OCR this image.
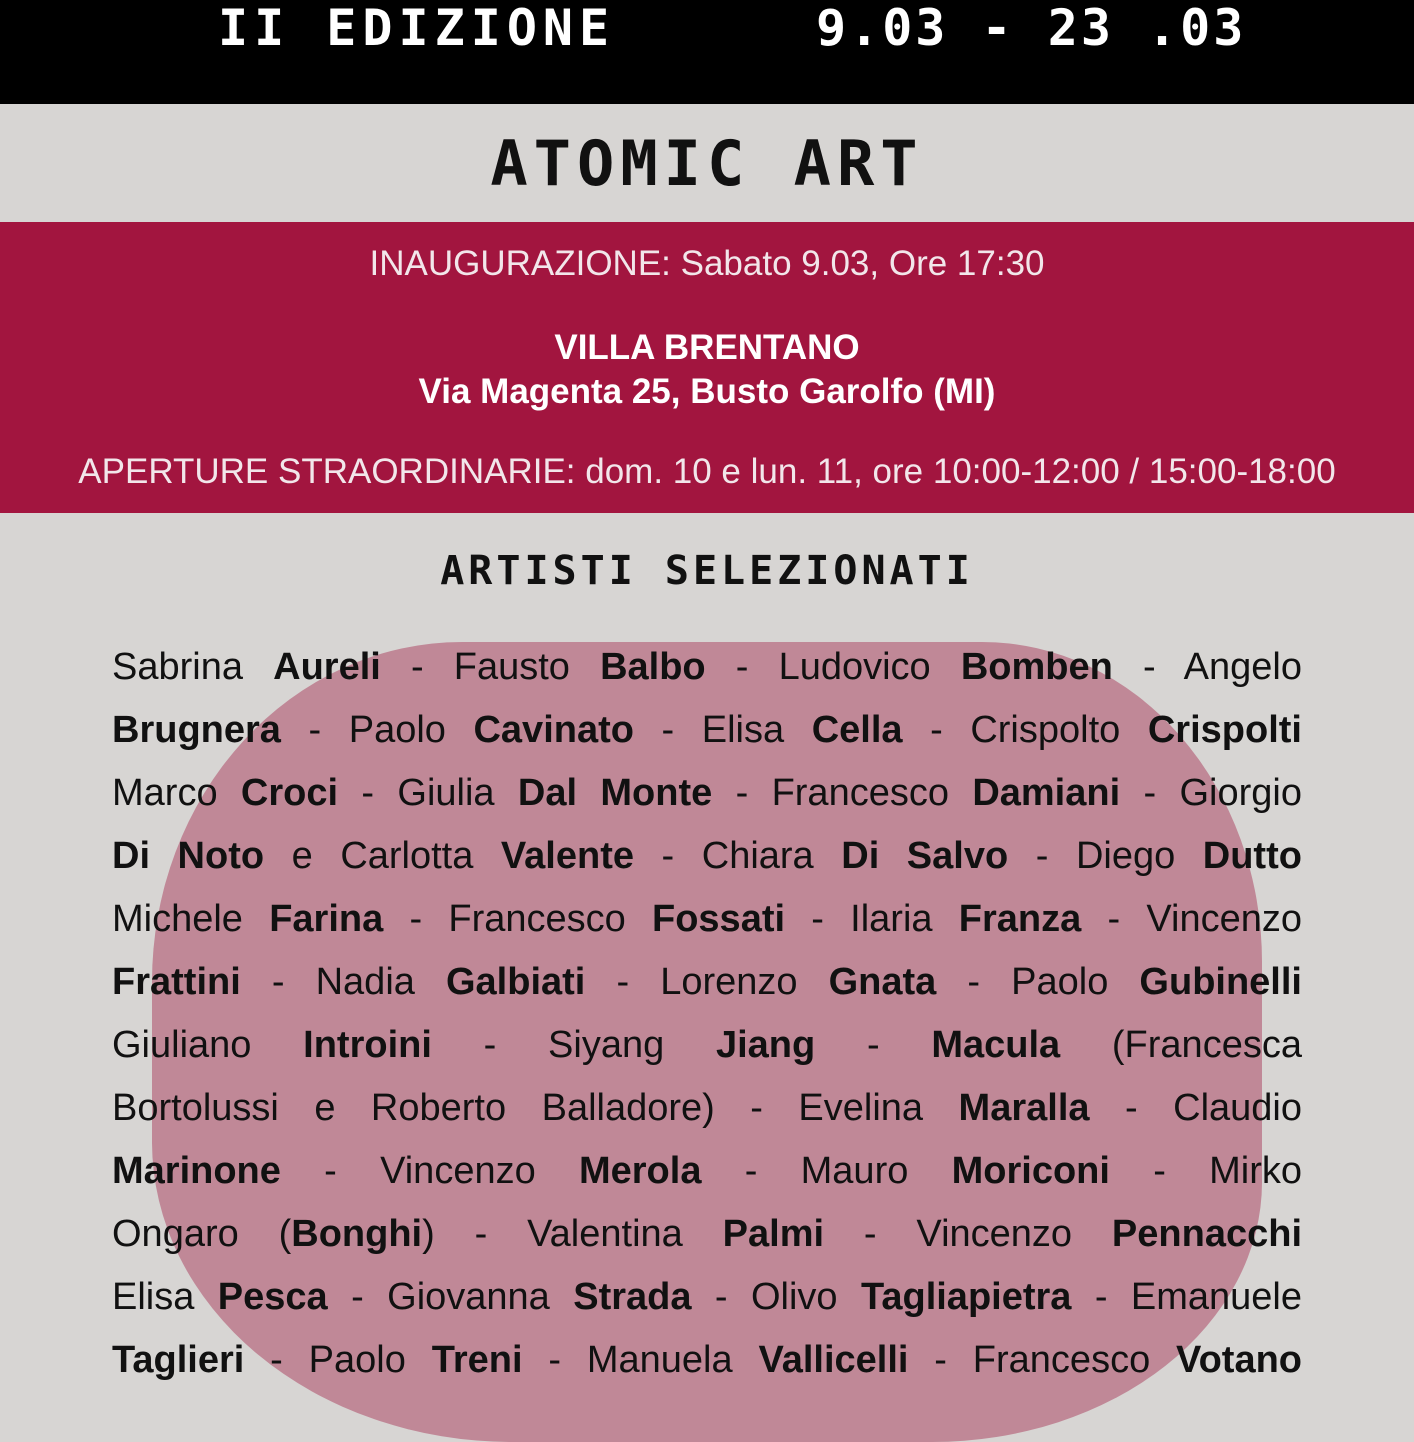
II EDIZIONE	9.03 - 23 .03
ATOMIC ART
INAUGURAZIONE: Sabato 9.03, Ore 17:30
VILLA BRENTANO
Via Magenta 25, Busto Garolfo (MI)
APERTURE STRAORDINARIE: dom. 10 e lun. 11, ore 10:00-12:00 / 15:00-18:00
ARTISTI SELEZIONATI
Sabrina Aureli - Fausto Balbo - Ludovico Bomben - Angelo
Brugnera - Paolo Cavinato - Elisa Cella - Crispolto Crispolti
Marco Croci - Giulia Dal Monte - Francesco Damiani - Giorgio
Di Noto e Carlotta Valente - Chiara Di Salvo - Diego Dutto
Michele Farina - Francesco Fossati - Ilaria Franza - Vincenzo
Frattini - Nadia Galbiati - Lorenzo Gnata - Paolo Gubinelli
Giuliano Introini - Siyang Jiang - Macula (Francesca
Bortolussi e Roberto Balladore) - Evelina Maralla - Claudio
Marinone - Vincenzo Merola - Mauro Moriconi - Mirko
Ongaro (Bonghi) - Valentina Palmi - Vincenzo Pennacchi
Elisa Pesca - Giovanna Strada - Olivo Tagliapietra - Emanuele
Taglieri - Paolo Treni - Manuela Vallicelli - Francesco Votano
